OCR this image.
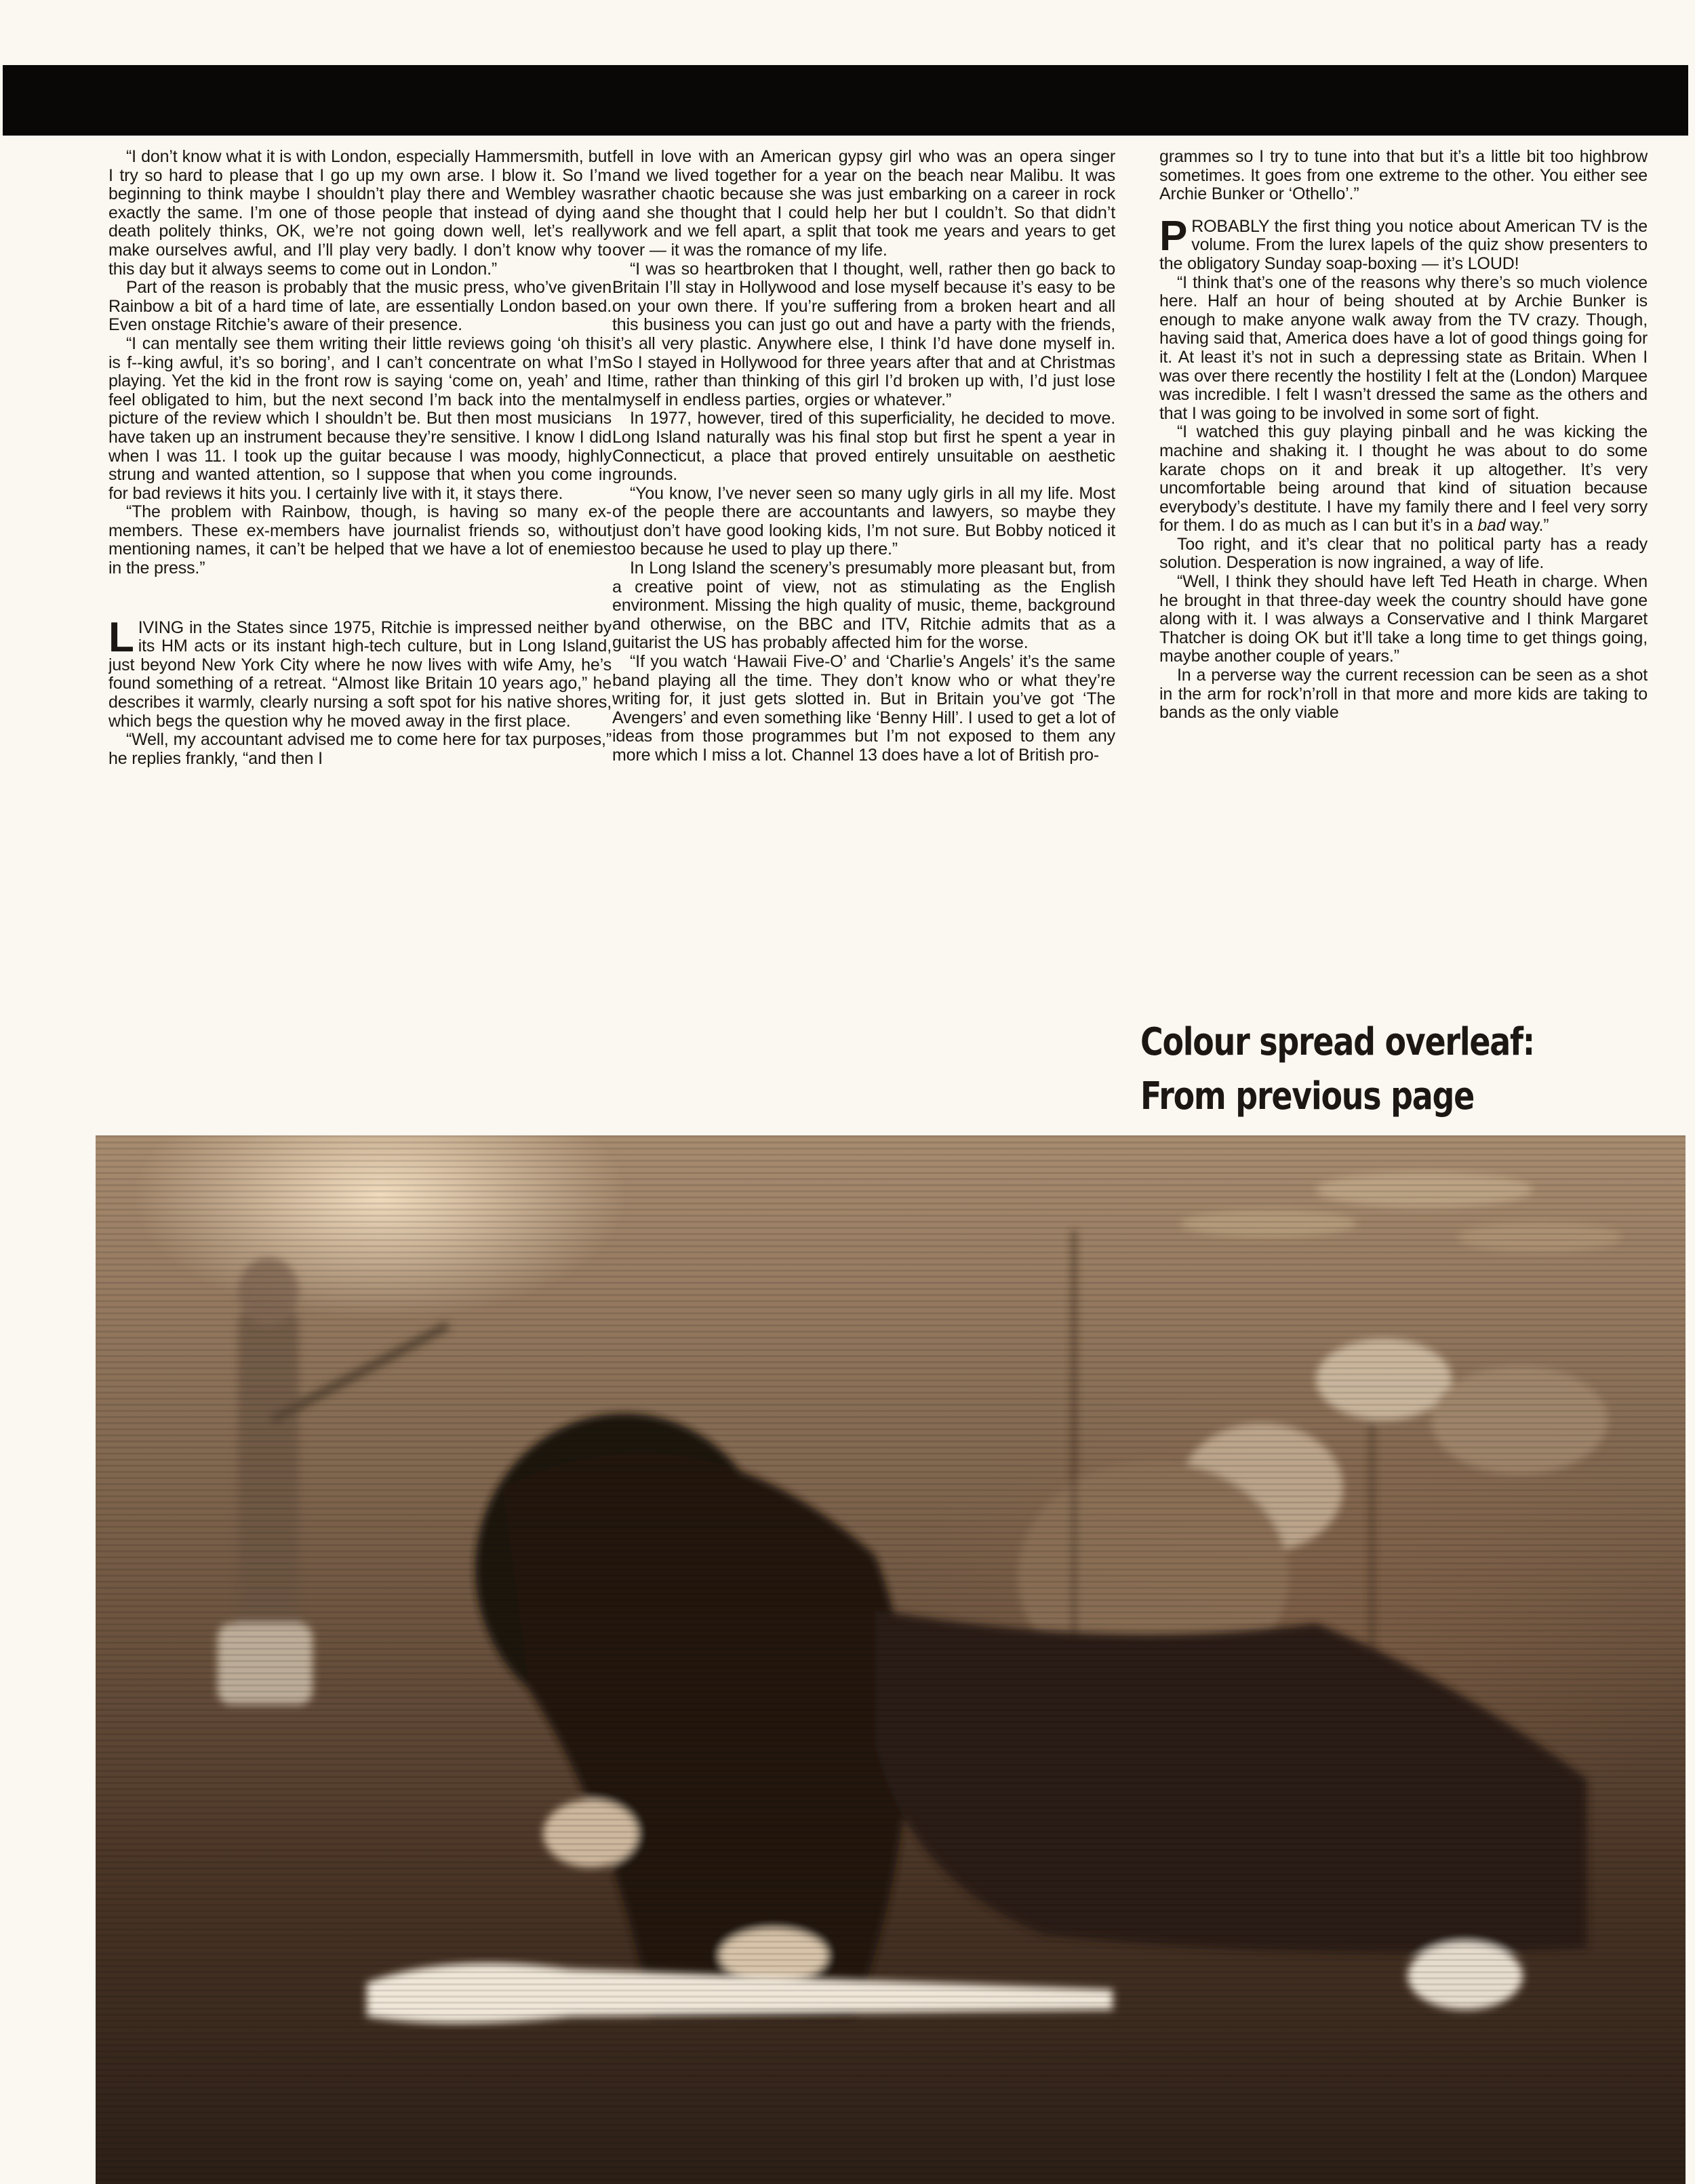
“I don’t know what it is with London, especially Hammersmith, but I try so hard to please that I go up my own arse. I blow it. So I’m beginning to think maybe I shouldn’t play there and Wembley was exactly the same. I’m one of those people that instead of dying a death politely thinks, OK, we’re not going down well, let’s really make ourselves awful, and I’ll play very badly. I don’t know why to this day but it always seems to come out in London.”

Part of the reason is probably that the music press, who’ve given Rainbow a bit of a hard time of late, are essentially London based. Even onstage Ritchie’s aware of their presence.

“I can mentally see them writing their little reviews going ‘oh this is f--king awful, it’s so boring’, and I can’t concentrate on what I’m playing. Yet the kid in the front row is saying ‘come on, yeah’ and I feel obligated to him, but the next second I’m back into the mental picture of the review which I shouldn’t be. But then most musicians have taken up an instrument because they’re sensitive. I know I did when I was 11. I took up the guitar because I was moody, highly strung and wanted attention, so I suppose that when you come in for bad reviews it hits you. I certainly live with it, it stays there.

“The problem with Rainbow, though, is having so many ex-members. These ex-members have journalist friends so, without mentioning names, it can’t be helped that we have a lot of enemies in the press.”

LIVING in the States since 1975, Ritchie is impressed neither by its HM acts or its instant high-tech culture, but in Long Island, just beyond New York City where he now lives with wife Amy, he’s found something of a retreat. “Almost like Britain 10 years ago,” he describes it warmly, clearly nursing a soft spot for his native shores, which begs the question why he moved away in the first place.

“Well, my accountant advised me to come here for tax purposes,” he replies frankly, “and then I

fell in love with an American gypsy girl who was an opera singer and we lived together for a year on the beach near Malibu. It was rather chaotic because she was just embarking on a career in rock and she thought that I could help her but I couldn’t. So that didn’t work and we fell apart, a split that took me years and years to get over — it was the romance of my life.

“I was so heartbroken that I thought, well, rather then go back to Britain I’ll stay in Hollywood and lose myself because it’s easy to be on your own there. If you’re suffering from a broken heart and all this business you can just go out and have a party with the friends, it’s all very plastic. Anywhere else, I think I’d have done myself in. So I stayed in Hollywood for three years after that and at Christmas time, rather than thinking of this girl I’d broken up with, I’d just lose myself in endless parties, orgies or whatever.”

In 1977, however, tired of this superficiality, he decided to move. Long Island naturally was his final stop but first he spent a year in Connecticut, a place that proved entirely unsuitable on aesthetic grounds.

“You know, I’ve never seen so many ugly girls in all my life. Most of the people there are accountants and lawyers, so maybe they just don’t have good looking kids, I’m not sure. But Bobby noticed it too because he used to play up there.”

In Long Island the scenery’s presumably more pleasant but, from a creative point of view, not as stimulating as the English environment. Missing the high quality of music, theme, background and otherwise, on the BBC and ITV, Ritchie admits that as a guitarist the US has probably affected him for the worse.

“If you watch ‘Hawaii Five-O’ and ‘Charlie’s Angels’ it’s the same band playing all the time. They don’t know who or what they’re writing for, it just gets slotted in. But in Britain you’ve got ‘The Avengers’ and even something like ‘Benny Hill’. I used to get a lot of ideas from those programmes but I’m not exposed to them any more which I miss a lot. Channel 13 does have a lot of British pro-

grammes so I try to tune into that but it’s a little bit too highbrow sometimes. It goes from one extreme to the other. You either see Archie Bunker or ‘Othello’.”

PROBABLY the first thing you notice about American TV is the volume. From the lurex lapels of the quiz show presenters to the obligatory Sunday soap-boxing — it’s LOUD!

“I think that’s one of the reasons why there’s so much violence here. Half an hour of being shouted at by Archie Bunker is enough to make anyone walk away from the TV crazy. Though, having said that, America does have a lot of good things going for it. At least it’s not in such a depressing state as Britain. When I was over there recently the hostility I felt at the (London) Marquee was incredible. I felt I wasn’t dressed the same as the others and that I was going to be involved in some sort of fight.

“I watched this guy playing pinball and he was kicking the machine and shaking it. I thought he was about to do some karate chops on it and break it up altogether. It’s very uncomfortable being around that kind of situation because everybody’s destitute. I have my family there and I feel very sorry for them. I do as much as I can but it’s in a bad way.”

Too right, and it’s clear that no political party has a ready solution. Desperation is now ingrained, a way of life.

“Well, I think they should have left Ted Heath in charge. When he brought in that three-day week the country should have gone along with it. I was always a Conservative and I think Margaret Thatcher is doing OK but it’ll take a long time to get things going, maybe another couple of years.”

In a perverse way the current recession can be seen as a shot in the arm for rock’n’roll in that more and more kids are taking to bands as the only viable

Colour spread overleaf:
From previous page
